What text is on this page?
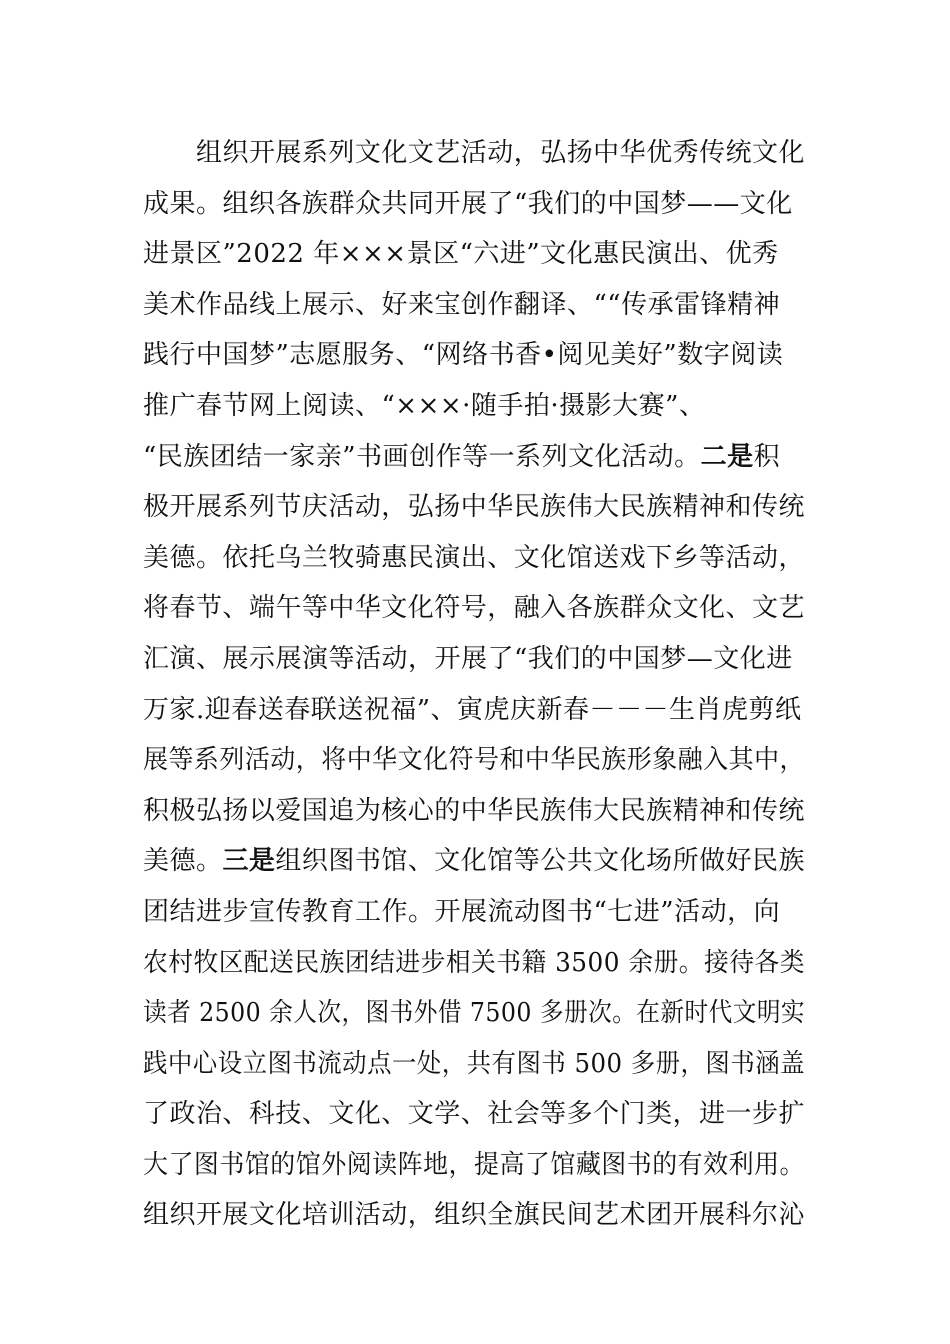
组织开展系列文化文艺活动，弘扬中华优秀传统文化
成果。组织各族群众共同开展了“我们的中国梦——文化
进景区”2022 年×××景区“六进”文化惠民演出、优秀
美术作品线上展示、好来宝创作翻译、““传承雷锋精神
践行中国梦”志愿服务、“网络书香•阅见美好”数字阅读
推广春节网上阅读、“×××·随手拍·摄影大赛”、
“民族团结一家亲”书画创作等一系列文化活动。二是积
极开展系列节庆活动，弘扬中华民族伟大民族精神和传统
美德。依托乌兰牧骑惠民演出、文化馆送戏下乡等活动，
将春节、端午等中华文化符号，融入各族群众文化、文艺
汇演、展示展演等活动，开展了“我们的中国梦—文化进
万家.迎春送春联送祝福”、寅虎庆新春－－－生肖虎剪纸
展等系列活动，将中华文化符号和中华民族形象融入其中，
积极弘扬以爱国追为核心的中华民族伟大民族精神和传统
美德。三是组织图书馆、文化馆等公共文化场所做好民族
团结进步宣传教育工作。开展流动图书“七进”活动，向
农村牧区配送民族团结进步相关书籍 3500 余册。接待各类
读者 2500 余人次，图书外借 7500 多册次。在新时代文明实
践中心设立图书流动点一处，共有图书 500 多册，图书涵盖
了政治、科技、文化、文学、社会等多个门类，进一步扩
大了图书馆的馆外阅读阵地，提高了馆藏图书的有效利用。
组织开展文化培训活动，组织全旗民间艺术团开展科尔沁
